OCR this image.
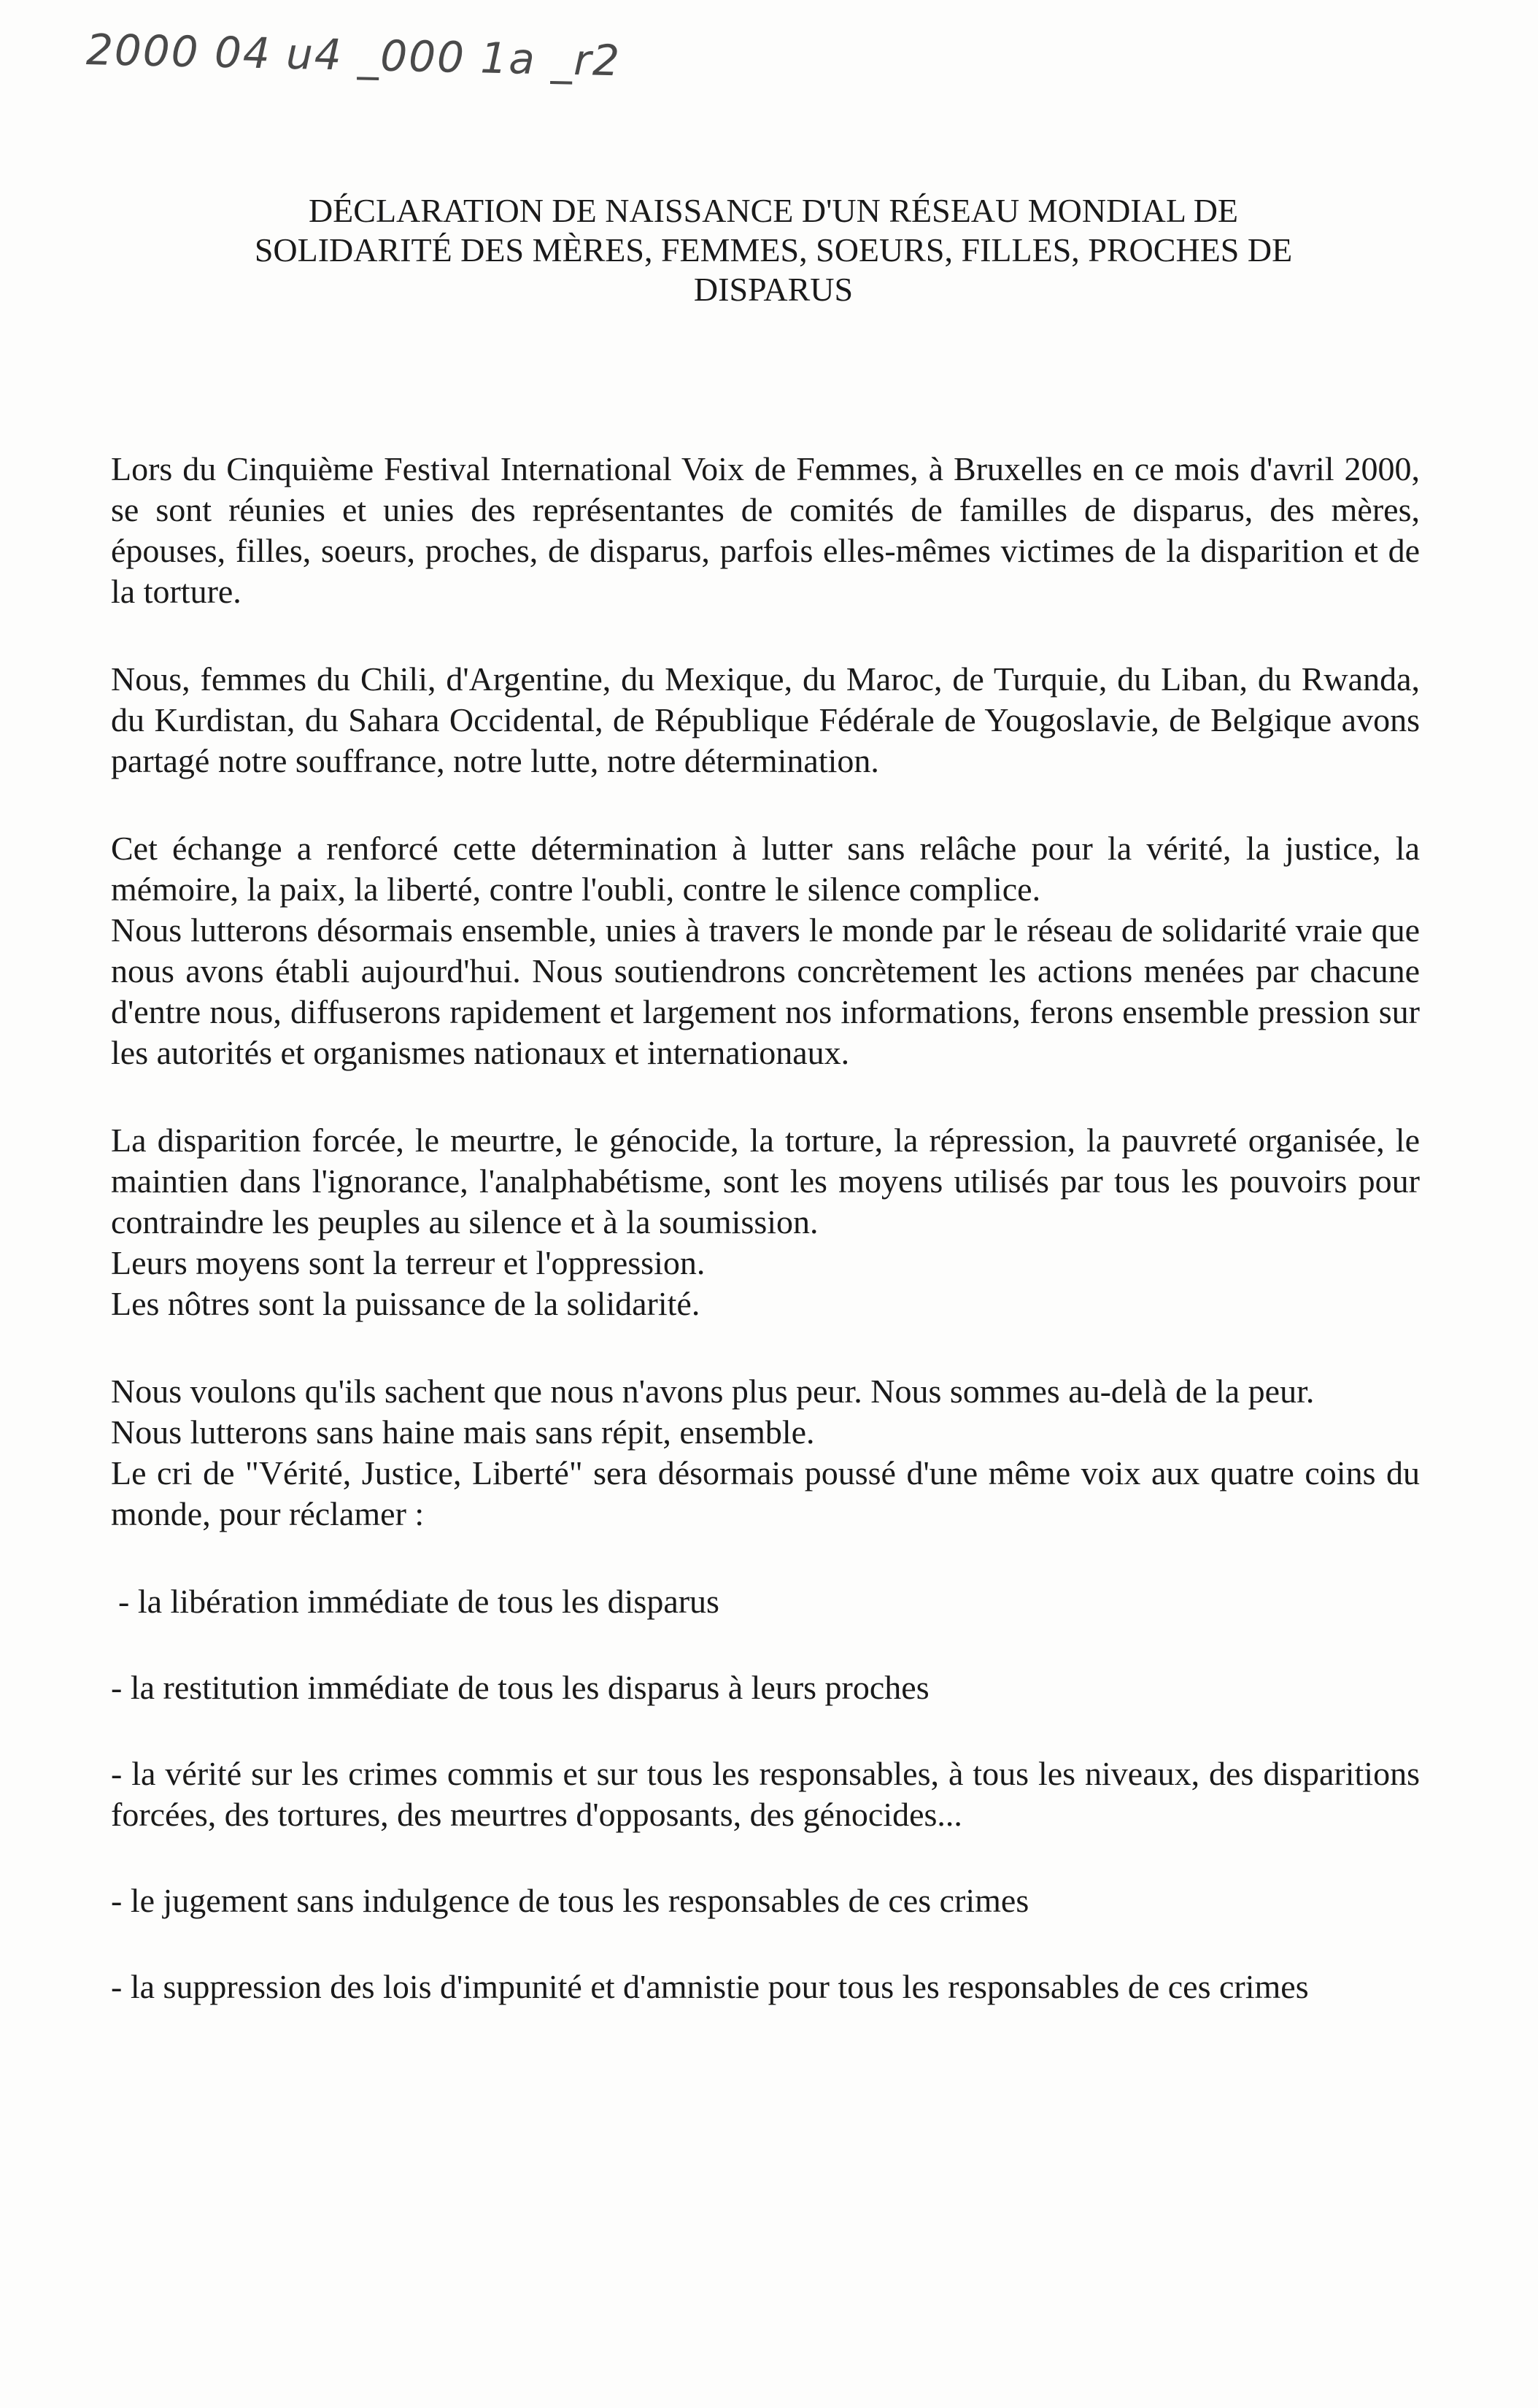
2000 04 u4 _000 1a _r2
DÉCLARATION DE NAISSANCE D'UN RÉSEAU MONDIAL DE
SOLIDARITÉ DES MÈRES, FEMMES, SOEURS, FILLES, PROCHES DE
DISPARUS

Lors du Cinquième Festival International Voix de Femmes, à Bruxelles en ce mois d'avril 2000, se sont réunies et unies des représentantes de comités de familles de disparus, des mères, épouses, filles, soeurs, proches, de disparus, parfois elles-mêmes victimes de la disparition et de la torture.

Nous, femmes du Chili, d'Argentine, du Mexique, du Maroc, de Turquie, du Liban, du Rwanda, du Kurdistan, du Sahara Occidental, de République Fédérale de Yougoslavie, de Belgique avons partagé notre souffrance, notre lutte, notre détermination.

Cet échange a renforcé cette détermination à lutter sans relâche pour la vérité, la justice, la mémoire, la paix, la liberté, contre l'oubli, contre le silence complice.

Nous lutterons désormais ensemble, unies à travers le monde par le réseau de solidarité vraie que nous avons établi aujourd'hui. Nous soutiendrons concrètement les actions menées par chacune d'entre nous, diffuserons rapidement et largement nos informations, ferons ensemble pression sur les autorités et organismes nationaux et internationaux.

La disparition forcée, le meurtre, le génocide, la torture, la répression, la pauvreté organisée, le maintien dans l'ignorance, l'analphabétisme, sont les moyens utilisés par tous les pouvoirs pour contraindre les peuples au silence et à la soumission.

Leurs moyens sont la terreur et l'oppression.

Les nôtres sont la puissance de la solidarité.

Nous voulons qu'ils sachent que nous n'avons plus peur. Nous sommes au-delà de la peur.

Nous lutterons sans haine mais sans répit, ensemble.

Le cri de "Vérité, Justice, Liberté" sera désormais poussé d'une même voix aux quatre coins du monde, pour réclamer :

- la libération immédiate de tous les disparus

- la restitution immédiate de tous les disparus à leurs proches

- la vérité sur les crimes commis et sur tous les responsables, à tous les niveaux, des disparitions forcées, des tortures, des meurtres d'opposants, des génocides...

- le jugement sans indulgence de tous les responsables de ces crimes

- la suppression des lois d'impunité et d'amnistie pour tous les responsables de ces crimes
